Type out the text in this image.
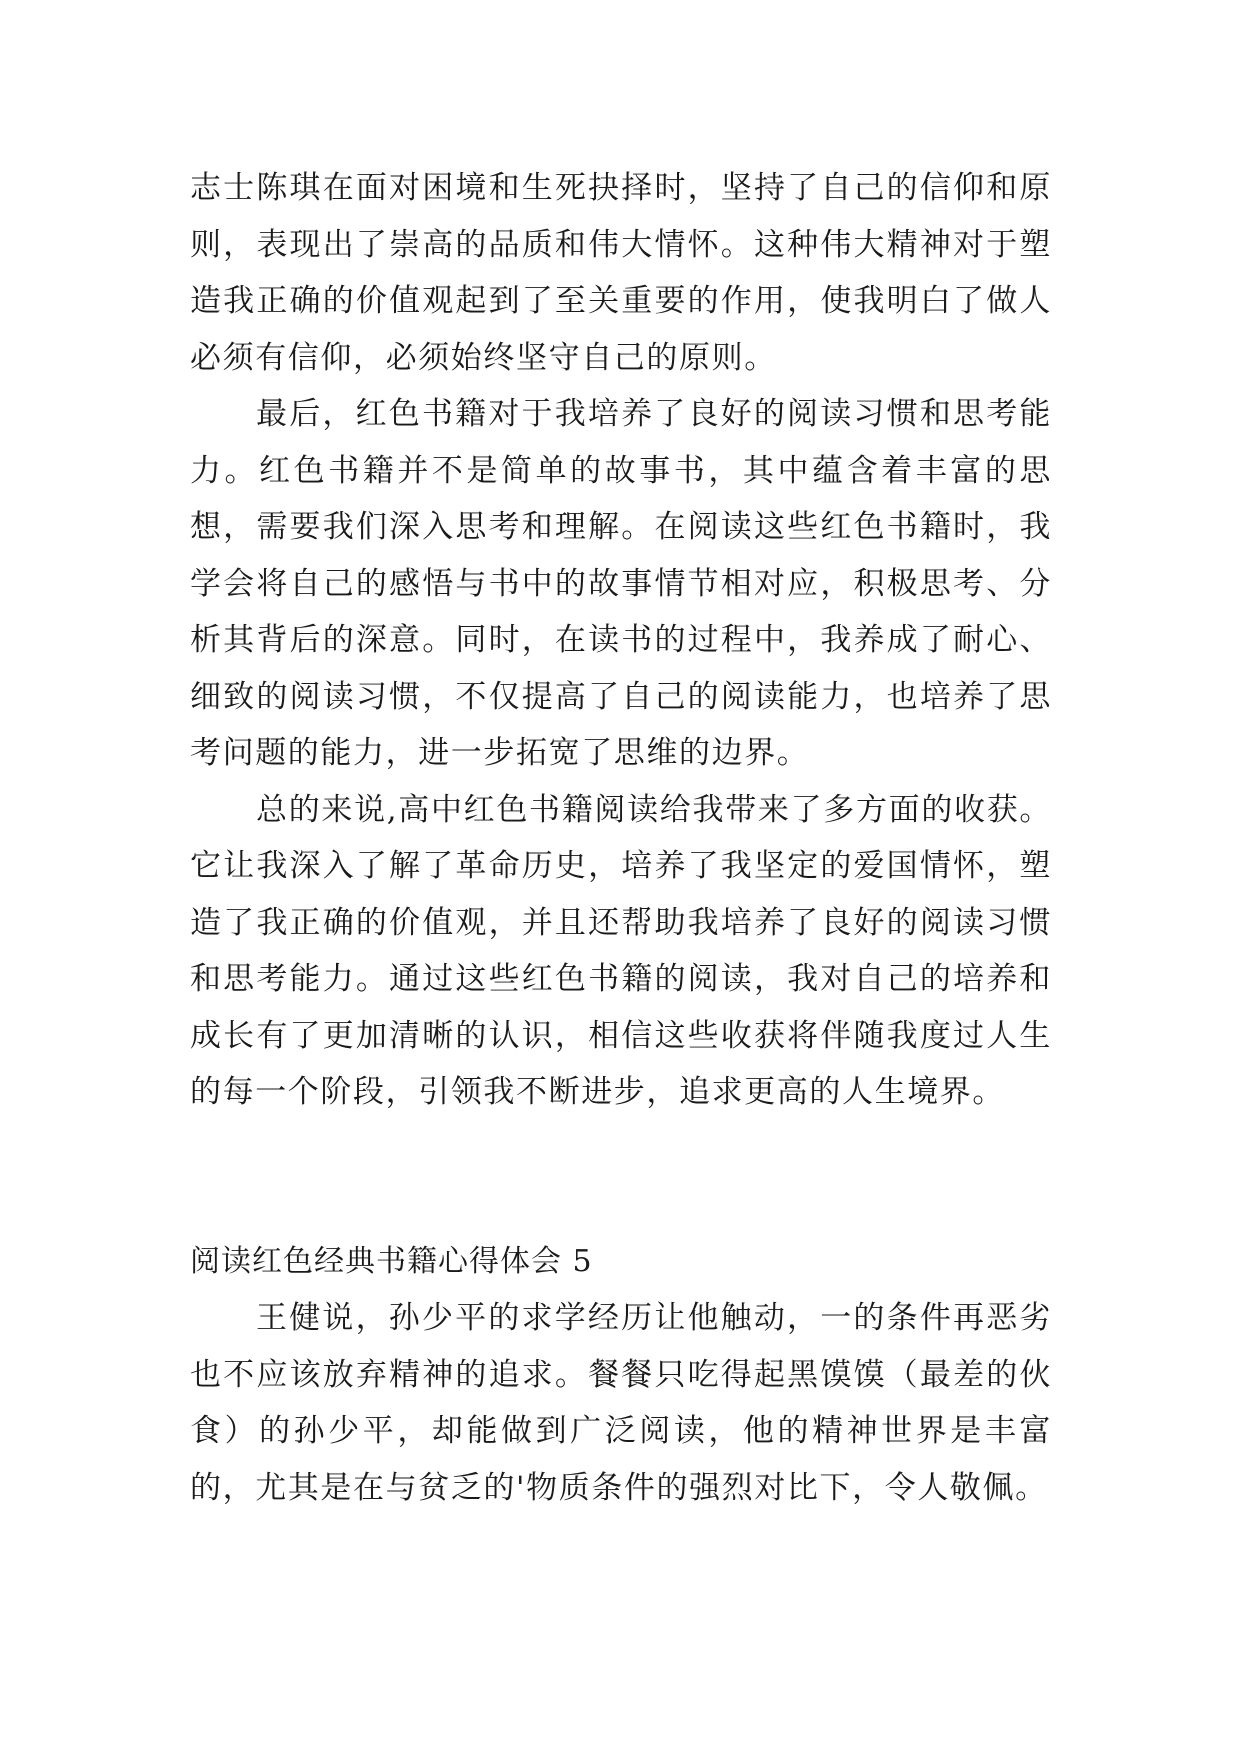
志士陈琪在面对困境和生死抉择时，坚持了自己的信仰和原则，表现出了崇高的品质和伟大情怀。这种伟大精神对于塑造我正确的价值观起到了至关重要的作用，使我明白了做人必须有信仰，必须始终坚守自己的原则。

最后，红色书籍对于我培养了良好的阅读习惯和思考能力。红色书籍并不是简单的故事书，其中蕴含着丰富的思想，需要我们深入思考和理解。在阅读这些红色书籍时，我学会将自己的感悟与书中的故事情节相对应，积极思考、分析其背后的深意。同时，在读书的过程中，我养成了耐心、细致的阅读习惯，不仅提高了自己的阅读能力，也培养了思考问题的能力，进一步拓宽了思维的边界。

总的来说,高中红色书籍阅读给我带来了多方面的收获。它让我深入了解了革命历史，培养了我坚定的爱国情怀，塑造了我正确的价值观，并且还帮助我培养了良好的阅读习惯和思考能力。通过这些红色书籍的阅读，我对自己的培养和成长有了更加清晰的认识，相信这些收获将伴随我度过人生的每一个阶段，引领我不断进步，追求更高的人生境界。

阅读红色经典书籍心得体会 5

王健说，孙少平的求学经历让他触动，一的条件再恶劣也不应该放弃精神的追求。餐餐只吃得起黑馍馍（最差的伙食）的孙少平，却能做到广泛阅读，他的精神世界是丰富的，尤其是在与贫乏的'物质条件的强烈对比下，令人敬佩。
